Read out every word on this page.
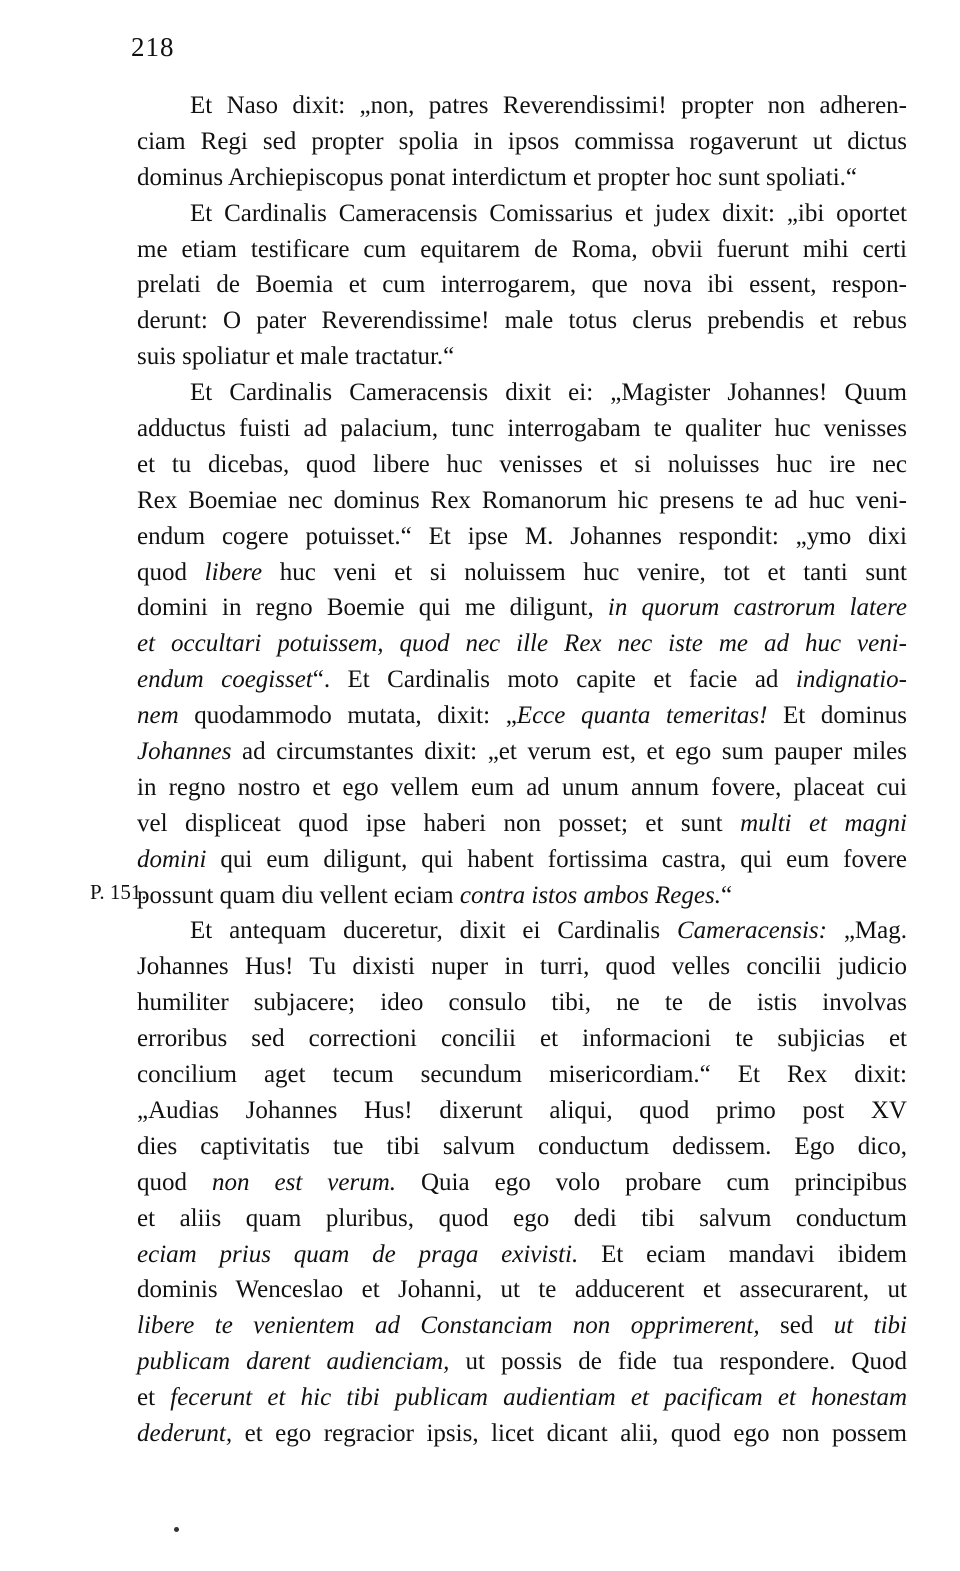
218
P. 151.
Et Naso dixit: „non, patres Reverendissimi! propter non adheren-
ciam Regi sed propter spolia in ipsos commissa rogaverunt ut dictus
dominus Archiepiscopus ponat interdictum et propter hoc sunt spoliati.“
Et Cardinalis Cameracensis Comissarius et judex dixit: „ibi oportet
me etiam testificare cum equitarem de Roma, obvii fuerunt mihi certi
prelati de Boemia et cum interrogarem, que nova ibi essent, respon-
derunt: O pater Reverendissime! male totus clerus prebendis et rebus
suis spoliatur et male tractatur.“
Et Cardinalis Cameracensis dixit ei: „Magister Johannes! Quum
adductus fuisti ad palacium, tunc interrogabam te qualiter huc venisses
et tu dicebas, quod libere huc venisses et si noluisses huc ire nec
Rex Boemiae nec dominus Rex Romanorum hic presens te ad huc veni-
endum cogere potuisset.“ Et ipse M. Johannes respondit: „ymo dixi
quod libere huc veni et si noluissem huc venire, tot et tanti sunt
domini in regno Boemie qui me diligunt, in quorum castrorum latere
et occultari potuissem, quod nec ille Rex nec iste me ad huc veni-
endum coegisset“. Et Cardinalis moto capite et facie ad indignatio-
nem quodammodo mutata, dixit: „Ecce quanta temeritas! Et dominus
Johannes ad circumstantes dixit: „et verum est, et ego sum pauper miles
in regno nostro et ego vellem eum ad unum annum fovere, placeat cui
vel displiceat quod ipse haberi non posset; et sunt multi et magni
domini qui eum diligunt, qui habent fortissima castra, qui eum fovere
possunt quam diu vellent eciam contra istos ambos Reges.“
Et antequam duceretur, dixit ei Cardinalis Cameracensis: „Mag.
Johannes Hus! Tu dixisti nuper in turri, quod velles concilii judicio
humiliter subjacere; ideo consulo tibi, ne te de istis involvas
erroribus sed correctioni concilii et informacioni te subjicias et
concilium aget tecum secundum misericordiam.“ Et Rex dixit:
„Audias Johannes Hus! dixerunt aliqui, quod primo post XV
dies captivitatis tue tibi salvum conductum dedissem. Ego dico,
quod non est verum. Quia ego volo probare cum principibus
et aliis quam pluribus, quod ego dedi tibi salvum conductum
eciam prius quam de praga exivisti. Et eciam mandavi ibidem
dominis Wenceslao et Johanni, ut te adducerent et assecurarent, ut
libere te venientem ad Constanciam non opprimerent, sed ut tibi
publicam darent audienciam, ut possis de fide tua respondere. Quod
et fecerunt et hic tibi publicam audientiam et pacificam et honestam
dederunt, et ego regracior ipsis, licet dicant alii, quod ego non possem
